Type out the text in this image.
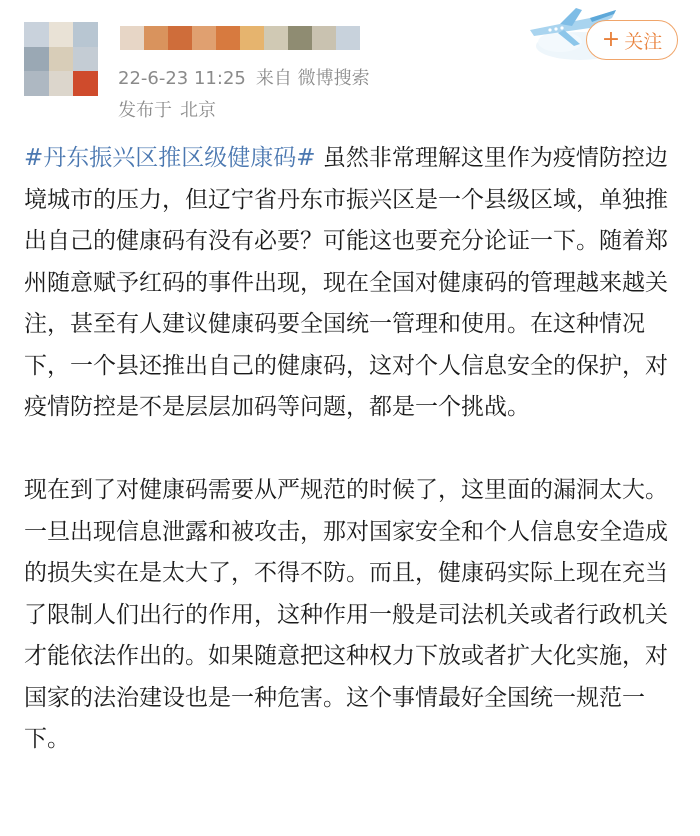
22-6-23 11:25 来自 微博搜索
发布于 北京
+ 关注

#丹东振兴区推区级健康码# 虽然非常理解这里作为疫情防控边境城市的压力，但辽宁省丹东市振兴区是一个县级区域，单独推出自己的健康码有没有必要？可能这也要充分论证一下。随着郑州随意赋予红码的事件出现，现在全国对健康码的管理越来越关注，甚至有人建议健康码要全国统一管理和使用。在这种情况下，一个县还推出自己的健康码，这对个人信息安全的保护，对疫情防控是不是层层加码等问题，都是一个挑战。

现在到了对健康码需要从严规范的时候了，这里面的漏洞太大。一旦出现信息泄露和被攻击，那对国家安全和个人信息安全造成的损失实在是太大了，不得不防。而且，健康码实际上现在充当了限制人们出行的作用，这种作用一般是司法机关或者行政机关才能依法作出的。如果随意把这种权力下放或者扩大化实施，对国家的法治建设也是一种危害。这个事情最好全国统一规范一下。
